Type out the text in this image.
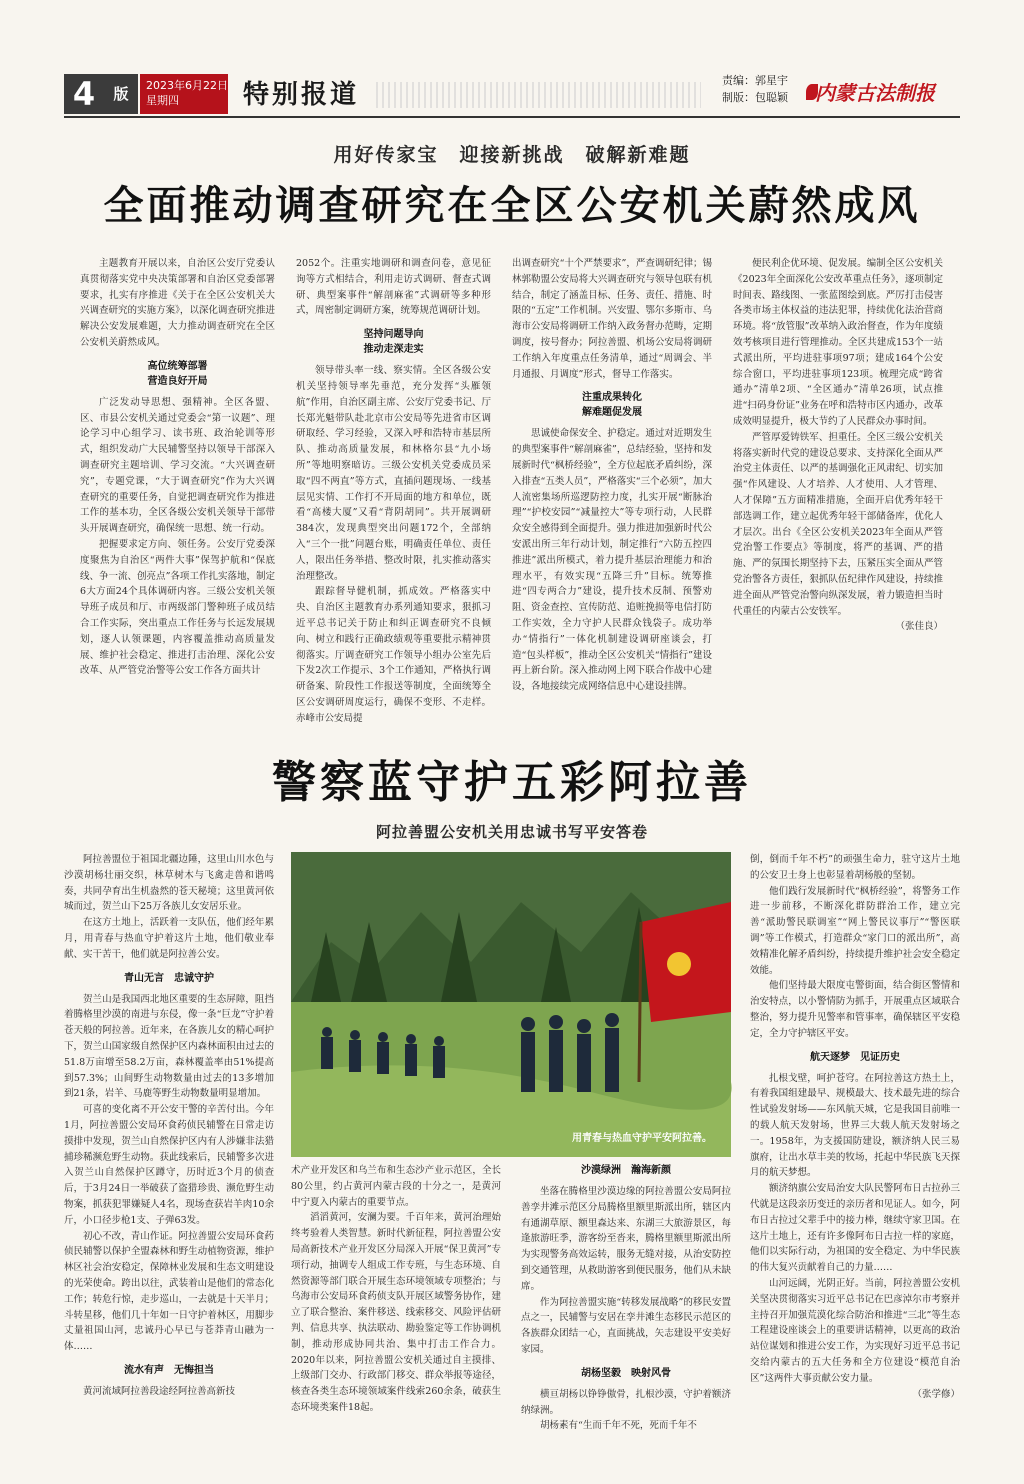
4	版	2023年6月22日
星期四	特别报道	责编：郭星宇
制版：包聪颖 内蒙古法制报
用好传家宝　迎接新挑战　破解新难题
全面推动调查研究在全区公安机关蔚然成风

主题教育开展以来，自治区公安厅党委认真贯彻落实党中央决策部署和自治区党委部署要求，扎实有序推进《关于在全区公安机关大兴调查研究的实施方案》，以深化调查研究推进解决公安发展难题，大力推动调查研究在全区公安机关蔚然成风。

高位统筹部署
营造良好开局

广泛发动导思想、强精神。全区各盟、区、市县公安机关通过党委会“第一议题”、理论学习中心组学习、读书班、政治轮训等形式，组织发动广大民辅警坚持以领导干部深入调查研究主题培训、学习交流。“大兴调查研究”，专题党课，“大于调查研究”作为大兴调查研究的重要任务，自觉把调查研究作为推进工作的基本功，全区各级公安机关领导干部带头开展调查研究，确保统一思想、统一行动。

把握要求定方向、领任务。公安厅党委深度聚焦为自治区“两件大事”保驾护航和“保底线、争一流、创亮点”各项工作扎实落地，制定6大方面24个具体调研内容。三级公安机关领导班子成员和厅、市两级部门警种班子成员结合工作实际，突出重点工作任务与长远发展规划，逐人认领课题，内容覆盖推动高质量发展、维护社会稳定、推进打击治理、深化公安改革、从严管党治警等公安工作各方面共计

2052个。注重实地调研和调查问卷，意见征询等方式相结合，利用走访式调研、督查式调研、典型案事件“解剖麻雀”式调研等多种形式，周密制定调研方案，统筹规范调研计划。

坚持问题导向
推动走深走实

领导带头率一线、察实情。全区各级公安机关坚持领导率先垂范，充分发挥“头雁领航”作用，自治区副主席、公安厅党委书记、厅长郑光魁带队赴北京市公安局等先进省市区调研取经、学习经验，又深入呼和浩特市基层所队、推动高质量发展，和林格尔县“九小场所”等地明察暗访。三级公安机关党委成员采取“四不两直”等方式，直插问题现场、一线基层见实情、工作打不开局面的地方和单位，既看“高楼大厦”又看“背阴胡同”。共开展调研384次，发现典型突出问题172个，全部纳入“三个一批”问题台账，明确责任单位、责任人，限出任务举措、整改时限，扎实推动落实治理整改。

跟踪督导健机制，抓成效。严格落实中央、自治区主题教育办系列通知要求，狠抓习近平总书记关于防止和纠正调查研究不良倾向、树立和践行正确政绩观等重要批示精神贯彻落实。厅调查研究工作领导小组办公室先后下发2次工作提示、3个工作通知，严格执行调研备案、阶段性工作报送等制度，全面统筹全区公安调研周度运行，确保不变形、不走样。赤峰市公安局提

出调查研究“十个严禁要求”，严查调研纪律；锡林郭勒盟公安局将大兴调查研究与领导包联有机结合，制定了涵盖目标、任务、责任、措施、时限的“五定”工作机制。兴安盟、鄂尔多斯市、乌海市公安局将调研工作纳入政务督办范畴，定期调度，按号督办；阿拉善盟、机场公安局将调研工作纳入年度重点任务清单，通过“周调会、半月通报、月调度”形式，督导工作落实。

注重成果转化
解难题促发展

思诚使命保安全、护稳定。通过对近期发生的典型案事件“解剖麻雀”，总结经验，坚持和发展新时代“枫桥经验”，全方位起底矛盾纠纷，深入排查“五类人员”，严格落实“三个必须”，加大人流密集场所巡逻防控力度，扎实开展“断脉治理”“护校安园”“减量控大”等专项行动，人民群众安全感得到全面提升。强力推进加强新时代公安派出所三年行动计划，制定推行“六防五控四推进”派出所模式，着力提升基层治理能力和治理水平，有效实现“五降三升”目标。统筹推进“四专两合力”建设，提升技术反制、预警劝阻、资金查控、宣传防范、追赃挽损等电信打防工作实效，全力守护人民群众钱袋子。成功举办“情指行”一体化机制建设调研座谈会，打造“包头样板”，推动全区公安机关“情指行”建设再上新台阶。深入推动网上网下联合作战中心建设，各地接续完成网络信息中心建设挂牌。

便民利企优环境、促发展。编制全区公安机关《2023年全面深化公安改革重点任务》，逐项制定时间表、路线图、一张蓝图绘到底。严厉打击侵害各类市场主体权益的违法犯罪，持续优化法治营商环境。将“放管服”改革纳入政治督查，作为年度绩效考核项目进行管理推动。全区共建成153个一站式派出所，平均进驻事项97项；建成164个公安综合窗口，平均进驻事项123项。梳理完成“跨省通办”清单2项、“全区通办”清单26项，试点推进“扫码身份证”业务在呼和浩特市区内通办，改革成效明显提升，极大节约了人民群众办事时间。

严管厚爱铸铁军、担重任。全区三级公安机关将落实新时代党的建设总要求、支持深化全面从严治党主体责任、以严的基调强化正风肃纪、切实加强“作风建设、人才培养、人才使用、人才管理、人才保障”五方面精准措施，全面开启优秀年轻干部选调工作，建立起优秀年轻干部储备库，优化人才层次。出台《全区公安机关2023年全面从严管党治警工作要点》等制度，将严的基调、严的措施、严的氛围长期坚持下去，压紧压实全面从严管党治警各方责任，狠抓队伍纪律作风建设，持续推进全面从严管党治警向纵深发展，着力锻造担当时代重任的内蒙古公安铁军。

（张佳良）
警察蓝守护五彩阿拉善
阿拉善盟公安机关用忠诚书写平安答卷
用青春与热血守护平安阿拉善。

阿拉善盟位于祖国北疆边陲，这里山川水色与沙漠胡杨壮丽交织，林草树木与飞禽走兽和谐鸣奏，共同孕育出生机盎然的苍天秘境；这里黄河依城而过，贺兰山下25万各族儿女安居乐业。

在这方土地上，活跃着一支队伍，他们经年累月，用青春与热血守护着这片土地，他们敬业奉献、实干苦干，他们就是阿拉善公安。

青山无言　忠诚守护

贺兰山是我国西北地区重要的生态屏障，阻挡着腾格里沙漠的南进与东侵，像一条“巨龙”守护着苍天般的阿拉善。近年来，在各族儿女的精心呵护下，贺兰山国家级自然保护区内森林面积由过去的51.8万亩增至58.2万亩，森林覆盖率由51%提高到57.3%；山间野生动物数量由过去的13多增加到21条，岩羊、马鹿等野生动物数量明显增加。

可喜的变化离不开公安干警的辛苦付出。今年1月，阿拉善盟公安局环食药侦民辅警在日常走访摸排中发现，贺兰山自然保护区内有人涉嫌非法猎捕珍稀濒危野生动物。获此线索后，民辅警多次进入贺兰山自然保护区蹲守，历时近3个月的侦查后，于3月24日一举破获了盗猎珍贵、濒危野生动物案，抓获犯罪嫌疑人4名，现场查获岩羊肉10余斤，小口径步枪1支、子弹63发。

初心不改，青山作证。阿拉善盟公安局环食药侦民辅警以保护全盟森林和野生动植物资源，维护林区社会治安稳定，保障林业发展和生态文明建设的光荣使命。跨出以往，武装着山是他们的常态化工作；转危行惊，走步巡山，一去就是十天半月；斗转星移，他们几十年如一日守护着林区，用脚步丈量祖国山河，忠诚丹心早已与苍莽青山融为一体……

流水有声　无悔担当

黄河流域阿拉善段途经阿拉善高新技

术产业开发区和乌兰布和生态沙产业示范区，全长80公里，约占黄河内蒙古段的十分之一，是黄河中宁夏入内蒙古的重要节点。

滔滔黄河，安澜为要。千百年来，黄河治理始终考验着人类智慧。新时代新征程，阿拉善盟公安局高新技术产业开发区分局深入开展“保卫黄河”专项行动，抽调专人组成工作专班，与生态环境、自然资源等部门联合开展生态环境领域专项整治；与乌海市公安局环食药侦支队开展区域警务协作，建立了联合整治、案件移送、线索移交、风险评估研判、信息共享、执法联动、勘验鉴定等工作协调机制，推动形成协同共治、集中打击工作合力。2020年以来，阿拉善盟公安机关通过自主摸排、上级部门交办、行政部门移交、群众举报等途径，核查各类生态环境领域案件线索260余条，破获生态环境类案件18起。

沙漠绿洲　瀚海新颜

坐落在腾格里沙漠边缘的阿拉善盟公安局阿拉善孪井滩示范区分局腾格里额里斯派出所，辖区内有通湖草原、额里森达来、东湖三大旅游景区，每逢旅游旺季，游客纷至沓来，腾格里额里斯派出所为实现警务高效运转，服务无缝对接，从治安防控到交通管理，从救助游客到便民服务，他们从未缺席。

作为阿拉善盟实施“转移发展战略”的移民安置点之一，民辅警与安居在孪井滩生态移民示范区的各族群众团结一心，直面挑战，矢志建设平安美好家园。

胡杨坚毅　映射风骨

横亘胡杨以铮铮傲骨，扎根沙漠，守护着额济纳绿洲。

胡杨素有“生而千年不死，死而千年不

倒，倒而千年不朽”的顽强生命力，驻守这片土地的公安卫士身上也彰显着胡杨般的坚韧。

他们践行发展新时代“枫桥经验”，将警务工作进一步前移，不断深化群防群治工作，建立完善“派助警民联调室”“网上警民议事厅”“警医联调”等工作模式，打造群众“家门口的派出所”，高效精准化解矛盾纠纷，持续提升维护社会安全稳定效能。

他们坚持最大限度屯警街面，结合街区警情和治安特点，以小警情防为抓手，开展重点区域联合整治，努力提升见警率和管事率，确保辖区平安稳定，全力守护辖区平安。

航天逐梦　见证历史

扎根戈壁，呵护苍穹。在阿拉善这方热土上，有着我国组建最早、规模最大、技术最先进的综合性试验发射场——东风航天城，它是我国目前唯一的载人航天发射场，世界三大载人航天发射场之一。1958年，为支援国防建设，额济纳人民三易旗府，让出水草丰美的牧场，托起中华民族飞天探月的航天梦想。

额济纳旗公安局治安大队民警阿布日古拉孙三代就是这段亲历变迁的亲历者和见证人。如今，阿布日古拉过父辈手中的接力棒，继续守家卫国。在这片土地上，还有许多像阿布日古拉一样的家庭，他们以实际行动，为祖国的安全稳定、为中华民族的伟大复兴贡献着自己的力量……

山河远阔，光阴正好。当前，阿拉善盟公安机关坚决贯彻落实习近平总书记在巴彦淖尔市考察并主持召开加强荒漠化综合防治和推进“三北”等生态工程建设座谈会上的重要讲话精神，以更高的政治站位谋划和推进公安工作，为实现好习近平总书记交给内蒙古的五大任务和全方位建设“模范自治区”这两件大事贡献公安力量。

（张学修）
